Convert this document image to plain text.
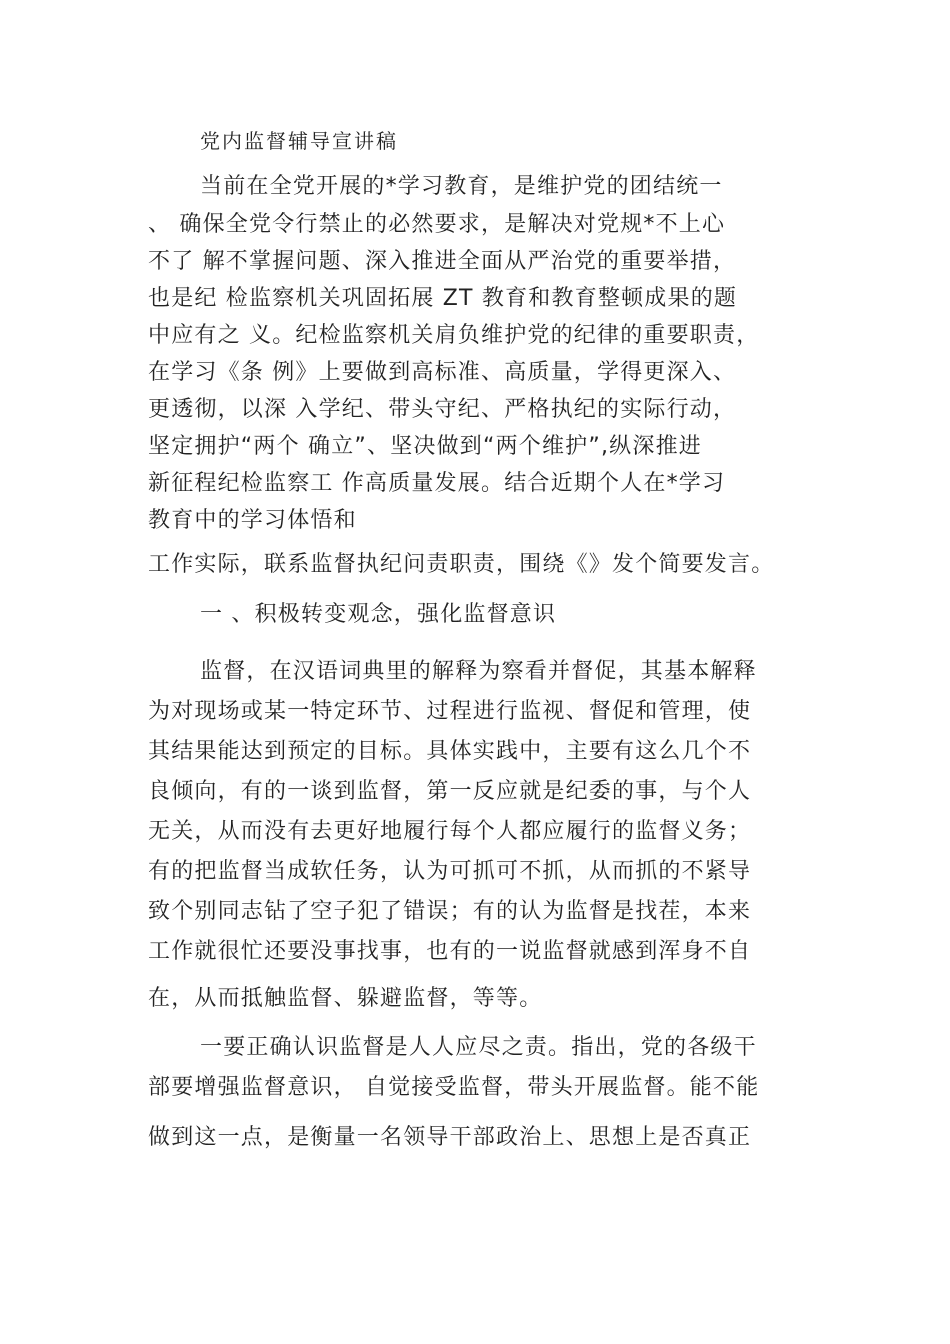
党内监督辅导宣讲稿
当前在全党开展的*学习教育，是维护党的团结统一
、 确保全党令行禁止的必然要求，是解决对党规*不上心
不了 解不掌握问题、深入推进全面从严治党的重要举措，
也是纪 检监察机关巩固拓展 ZT 教育和教育整顿成果的题
中应有之 义。纪检监察机关肩负维护党的纪律的重要职责，
在学习《条 例》上要做到高标准、高质量，学得更深入、
更透彻，以深 入学纪、带头守纪、严格执纪的实际行动，
坚定拥护“两个 确立”、坚决做到“两个维护”,纵深推进
新征程纪检监察工 作高质量发展。结合近期个人在*学习
教育中的学习体悟和
工作实际，联系监督执纪问责职责，围绕《》发个简要发言。
一 、积极转变观念，强化监督意识
监督，在汉语词典里的解释为察看并督促，其基本解释
为对现场或某一特定环节、过程进行监视、督促和管理，使
其结果能达到预定的目标。具体实践中，主要有这么几个不
良倾向，有的一谈到监督，第一反应就是纪委的事，与个人
无关，从而没有去更好地履行每个人都应履行的监督义务；
有的把监督当成软任务，认为可抓可不抓，从而抓的不紧导
致个别同志钻了空子犯了错误；有的认为监督是找茬，本来
工作就很忙还要没事找事，也有的一说监督就感到浑身不自
在，从而抵触监督、躲避监督，等等。
一要正确认识监督是人人应尽之责。指出，党的各级干
部要增强监督意识， 自觉接受监督，带头开展监督。能不能
做到这一点，是衡量一名领导干部政治上、思想上是否真正
